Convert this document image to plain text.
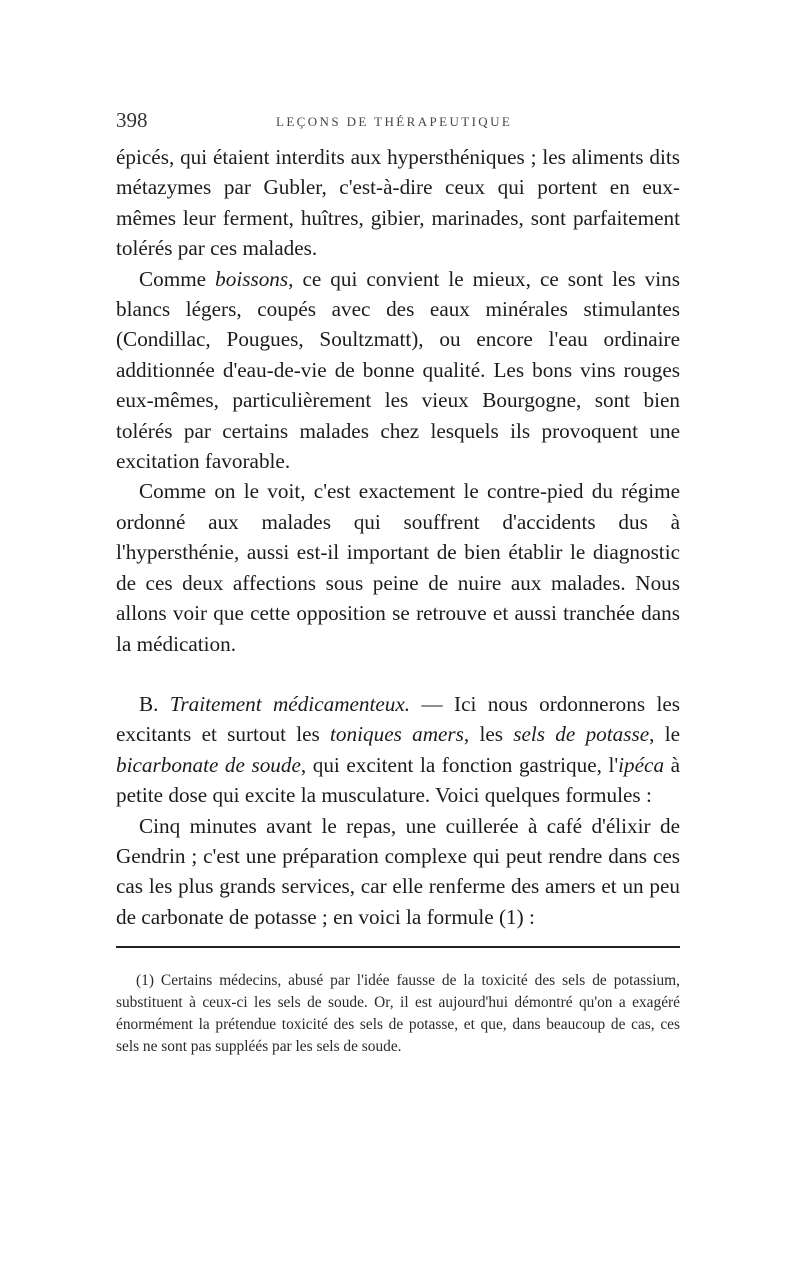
398	LEÇONS DE THÉRAPEUTIQUE

épicés, qui étaient interdits aux hypersthéniques ; les aliments dits métazymes par Gubler, c'est-à-dire ceux qui portent en eux-mêmes leur ferment, huîtres, gibier, marinades, sont parfaitement tolérés par ces malades.

Comme boissons, ce qui convient le mieux, ce sont les vins blancs légers, coupés avec des eaux minérales stimulantes (Condillac, Pougues, Soultzmatt), ou encore l'eau ordinaire additionnée d'eau-de-vie de bonne qualité. Les bons vins rouges eux-mêmes, particulièrement les vieux Bourgogne, sont bien tolérés par certains malades chez lesquels ils provoquent une excitation favorable.

Comme on le voit, c'est exactement le contre-pied du régime ordonné aux malades qui souffrent d'accidents dus à l'hypersthénie, aussi est-il important de bien établir le diagnostic de ces deux affections sous peine de nuire aux malades. Nous allons voir que cette opposition se retrouve et aussi tranchée dans la médication.

B. Traitement médicamenteux. — Ici nous ordonnerons les excitants et surtout les toniques amers, les sels de potasse, le bicarbonate de soude, qui excitent la fonction gastrique, l'ipéca à petite dose qui excite la musculature. Voici quelques formules :

Cinq minutes avant le repas, une cuillerée à café d'élixir de Gendrin ; c'est une préparation complexe qui peut rendre dans ces cas les plus grands services, car elle renferme des amers et un peu de carbonate de potasse ; en voici la formule (1) :

(1) Certains médecins, abusé par l'idée fausse de la toxicité des sels de potassium, substituent à ceux-ci les sels de soude. Or, il est aujourd'hui démontré qu'on a exagéré énormément la prétendue toxicité des sels de potasse, et que, dans beaucoup de cas, ces sels ne sont pas suppléés par les sels de soude.
